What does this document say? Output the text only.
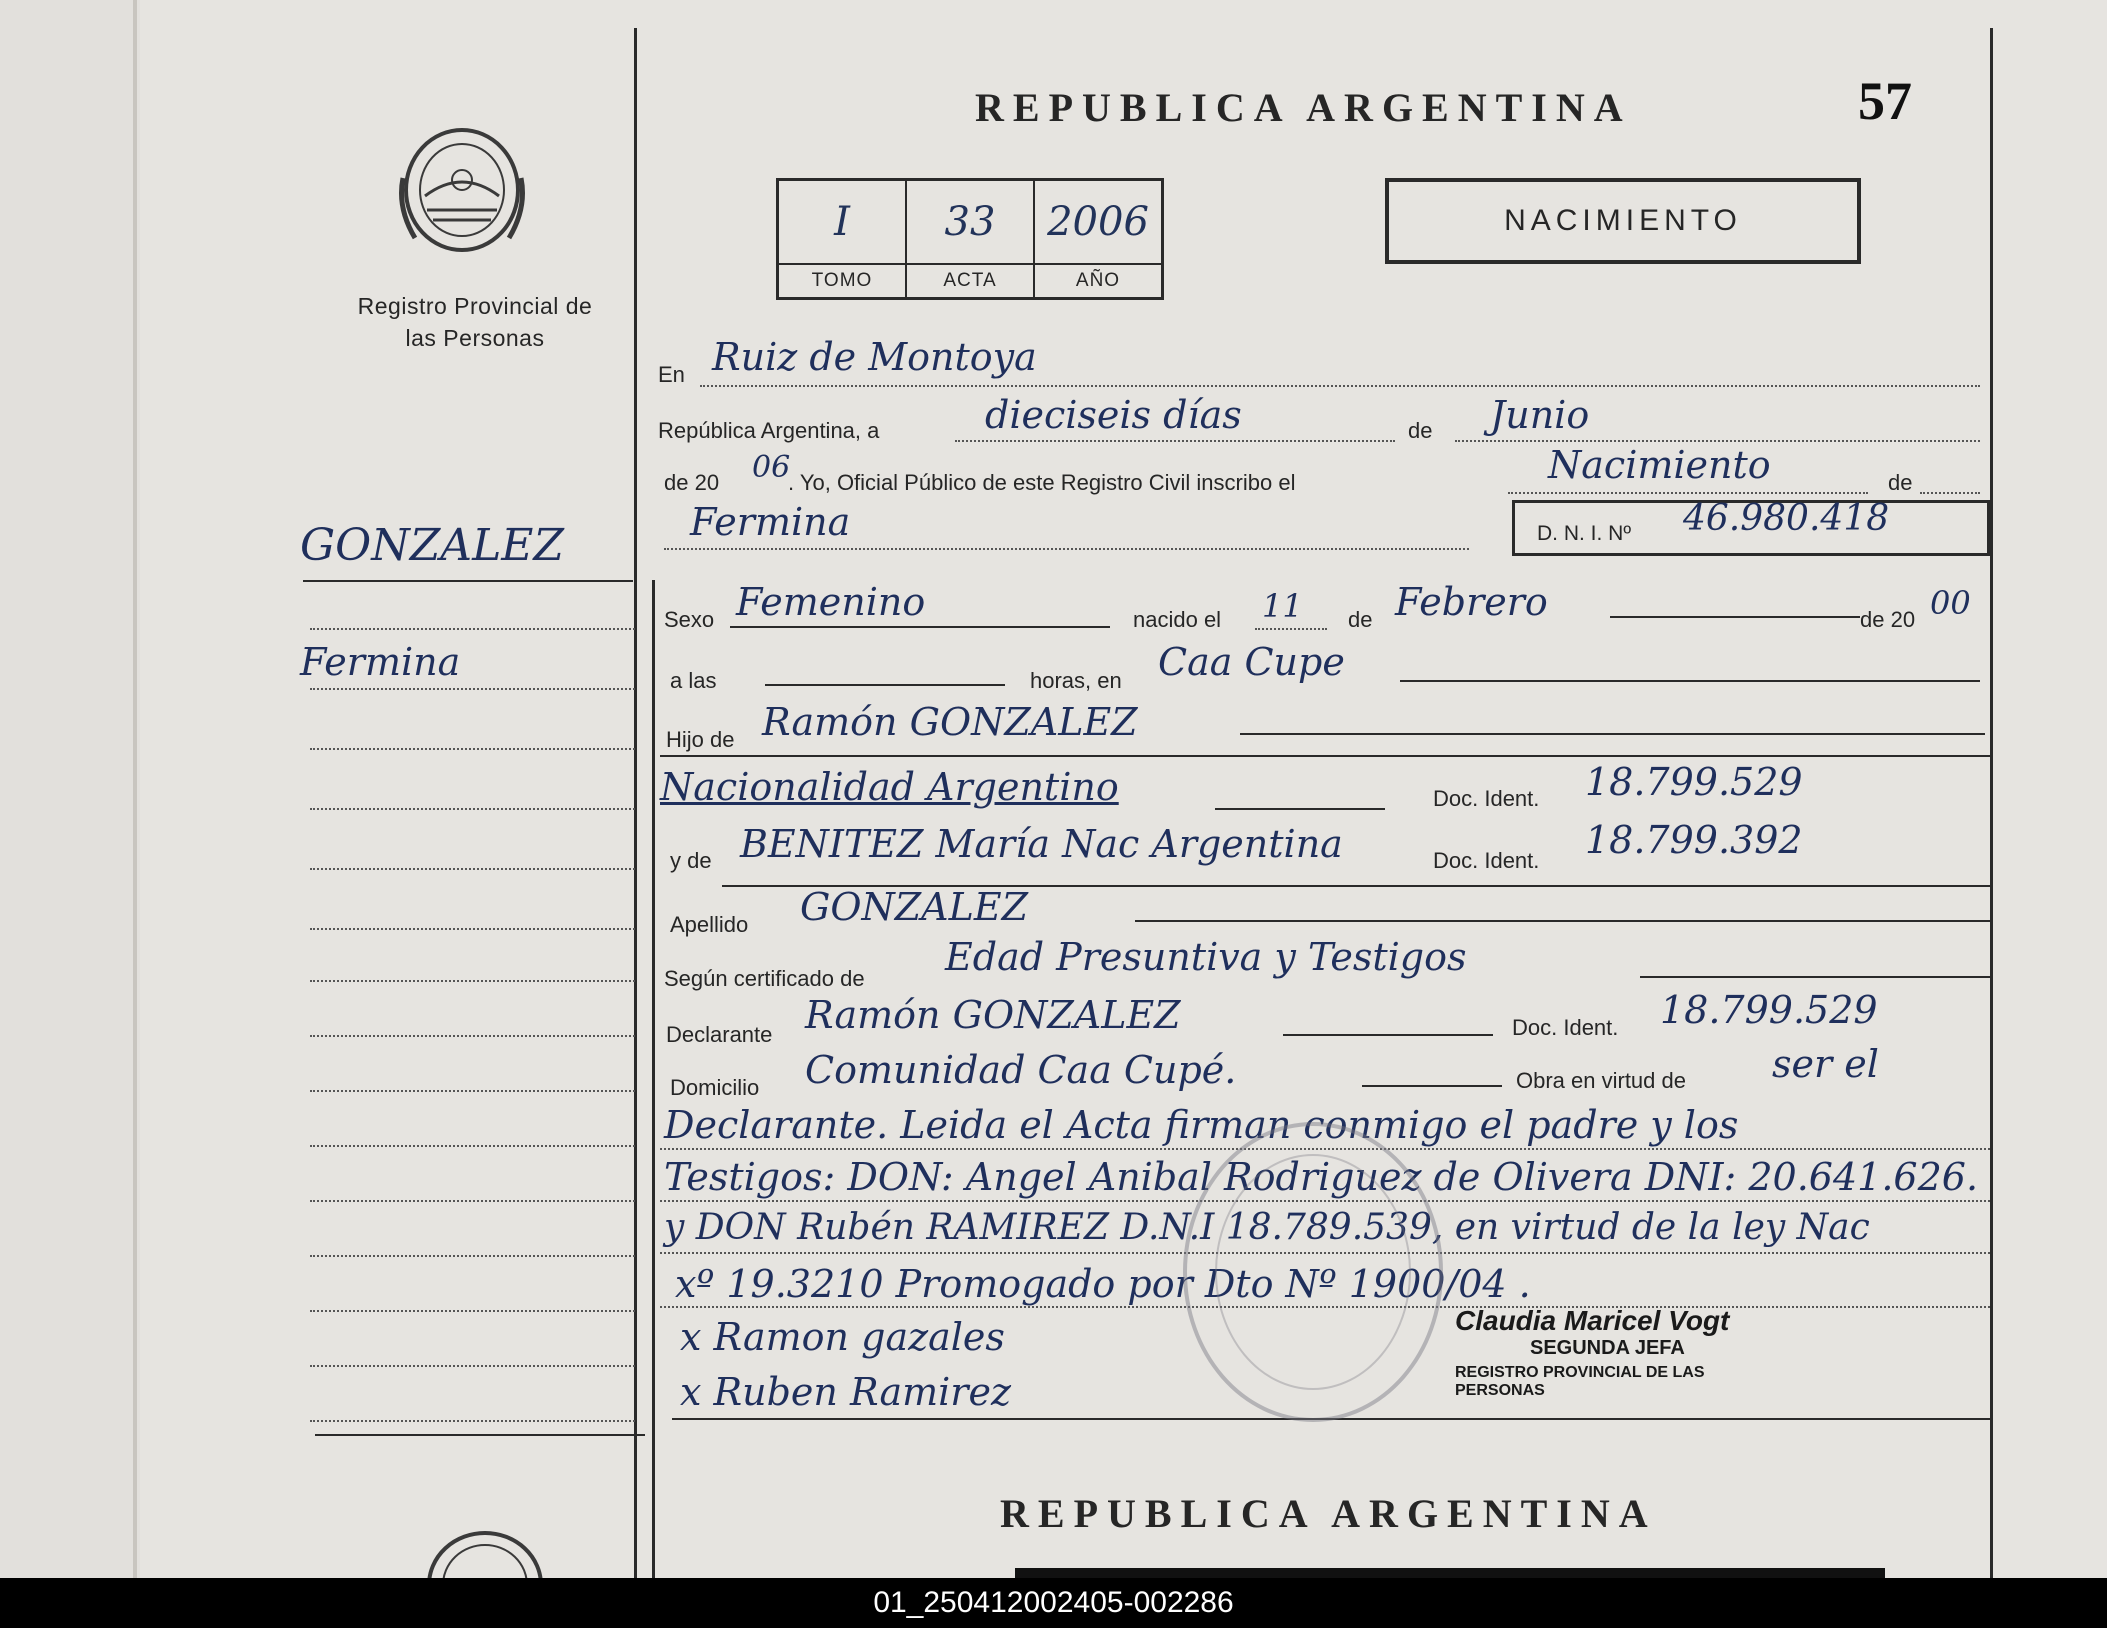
Registro Provincial de las Personas
REPUBLICA ARGENTINA	57
I	33	2006
TOMO	ACTA	AÑO
NACIMIENTO
GONZALEZ
Fermina
En Ruiz de Montoya
República Argentina, a	dieciseis días	de Junio
de 20 06
. Yo, Oficial Público de este Registro Civil inscribo el	Nacimiento	de
Fermina	D. N. I. Nº 46.980.418
Sexo Femenino	nacido el 11 de Febrero	de 20 00
a las	horas, en Caa Cupe
Hijo de Ramón GONZALEZ
Nacionalidad Argentino	Doc. Ident. 18.799.529
y de BENITEZ María Nac Argentina	Doc. Ident. 18.799.392
Apellido GONZALEZ
Según certificado de Edad Presuntiva y Testigos
Declarante Ramón GONZALEZ	Doc. Ident. 18.799.529
Domicilio Comunidad Caa Cupé.	Obra en virtud de ser el
Declarante. Leida el Acta firman conmigo el padre y los
Testigos: DON: Angel Anibal Rodriguez de Olivera DNI: 20.641.626.
y DON Rubén RAMIREZ D.N.I 18.789.539, en virtud de la ley Nac
xº 19.3210 Promogado por Dto Nº 1900/04 .
x Ramon gazales
x Ruben Ramirez
Claudia Maricel Vogt
SEGUNDA JEFA
REGISTRO PROVINCIAL DE LAS PERSONAS
REPUBLICA ARGENTINA
01_250412002405-002286
